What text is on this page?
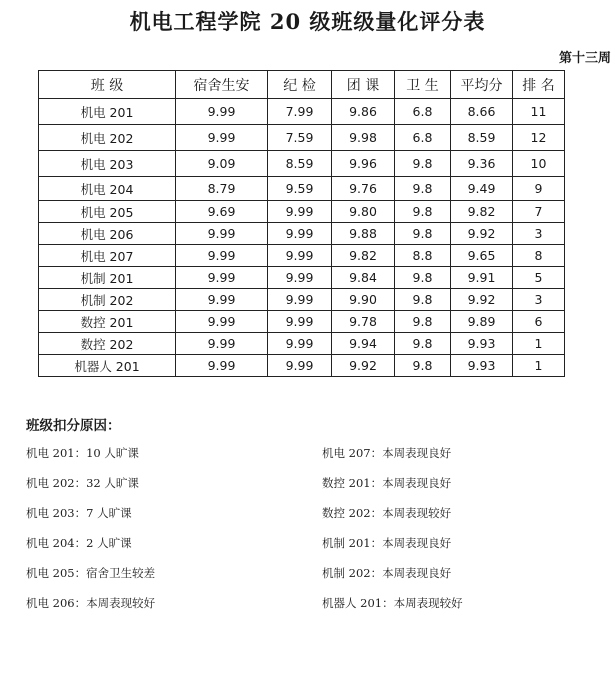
机电工程学院 20 级班级量化评分表
第十三周
班 级	宿舍生安	纪 检	团 课	卫 生	平均分	排 名
机电 201	9.99	7.99	9.86	6.8	8.66	11
机电 202	9.99	7.59	9.98	6.8	8.59	12
机电 203	9.09	8.59	9.96	9.8	9.36	10
机电 204	8.79	9.59	9.76	9.8	9.49	9
机电 205	9.69	9.99	9.80	9.8	9.82	7
机电 206	9.99	9.99	9.88	9.8	9.92	3
机电 207	9.99	9.99	9.82	8.8	9.65	8
机制 201	9.99	9.99	9.84	9.8	9.91	5
机制 202	9.99	9.99	9.90	9.8	9.92	3
数控 201	9.99	9.99	9.78	9.8	9.89	6
数控 202	9.99	9.99	9.94	9.8	9.93	1
机器人 201	9.99	9.99	9.92	9.8	9.93	1
班级扣分原因：
机电 201：10 人旷课
机电 202：32 人旷课
机电 203：7 人旷课
机电 204：2 人旷课
机电 205：宿舍卫生较差
机电 206：本周表现较好
机电 207：本周表现良好
数控 201：本周表现良好
数控 202：本周表现较好
机制 201：本周表现良好
机制 202：本周表现良好
机器人 201：本周表现较好
